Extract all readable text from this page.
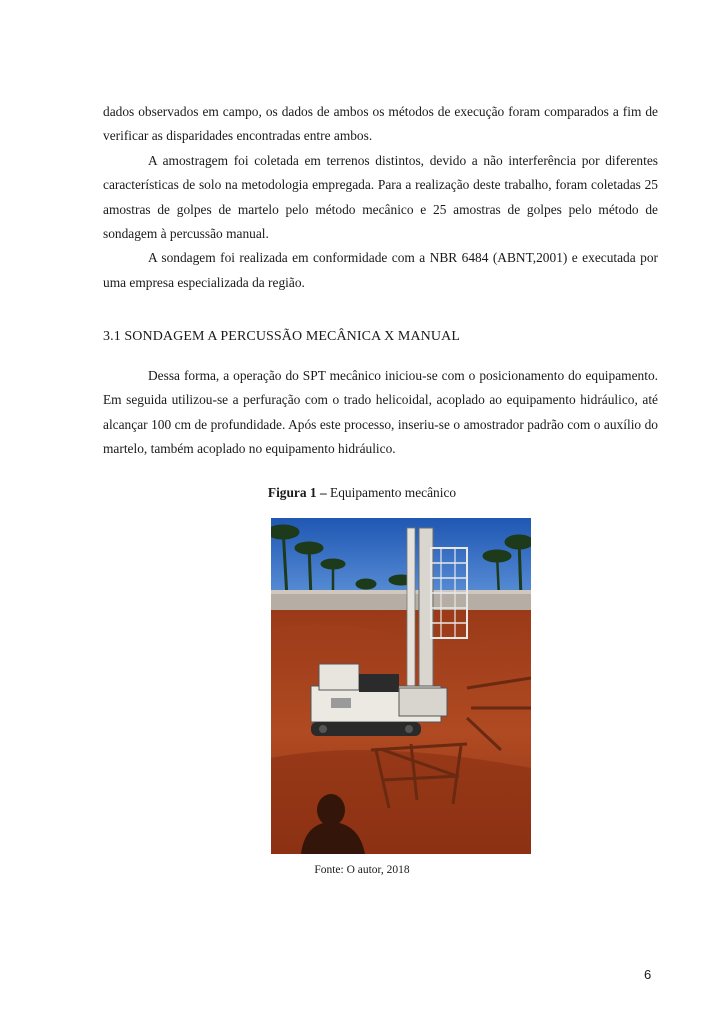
dados observados em campo, os dados de ambos os métodos de execução foram comparados a fim de verificar as disparidades encontradas entre ambos.

A amostragem foi coletada em terrenos distintos, devido a não interferência por diferentes características de solo na metodologia empregada. Para a realização deste trabalho, foram coletadas 25 amostras de golpes de martelo pelo método mecânico e 25 amostras de golpes pelo método de sondagem à percussão manual.

A sondagem foi realizada em conformidade com a NBR 6484 (ABNT,2001) e executada por uma empresa especializada da região.

3.1 SONDAGEM A PERCUSSÃO MECÂNICA X MANUAL

Dessa forma, a operação do SPT mecânico iniciou-se com o posicionamento do equipamento. Em seguida utilizou-se a perfuração com o trado helicoidal, acoplado ao equipamento hidráulico, até alcançar 100 cm de profundidade. Após este processo, inseriu-se o amostrador padrão com o auxílio do martelo, também acoplado no equipamento hidráulico.

Figura 1 – Equipamento mecânico
Fonte: O autor, 2018
6
